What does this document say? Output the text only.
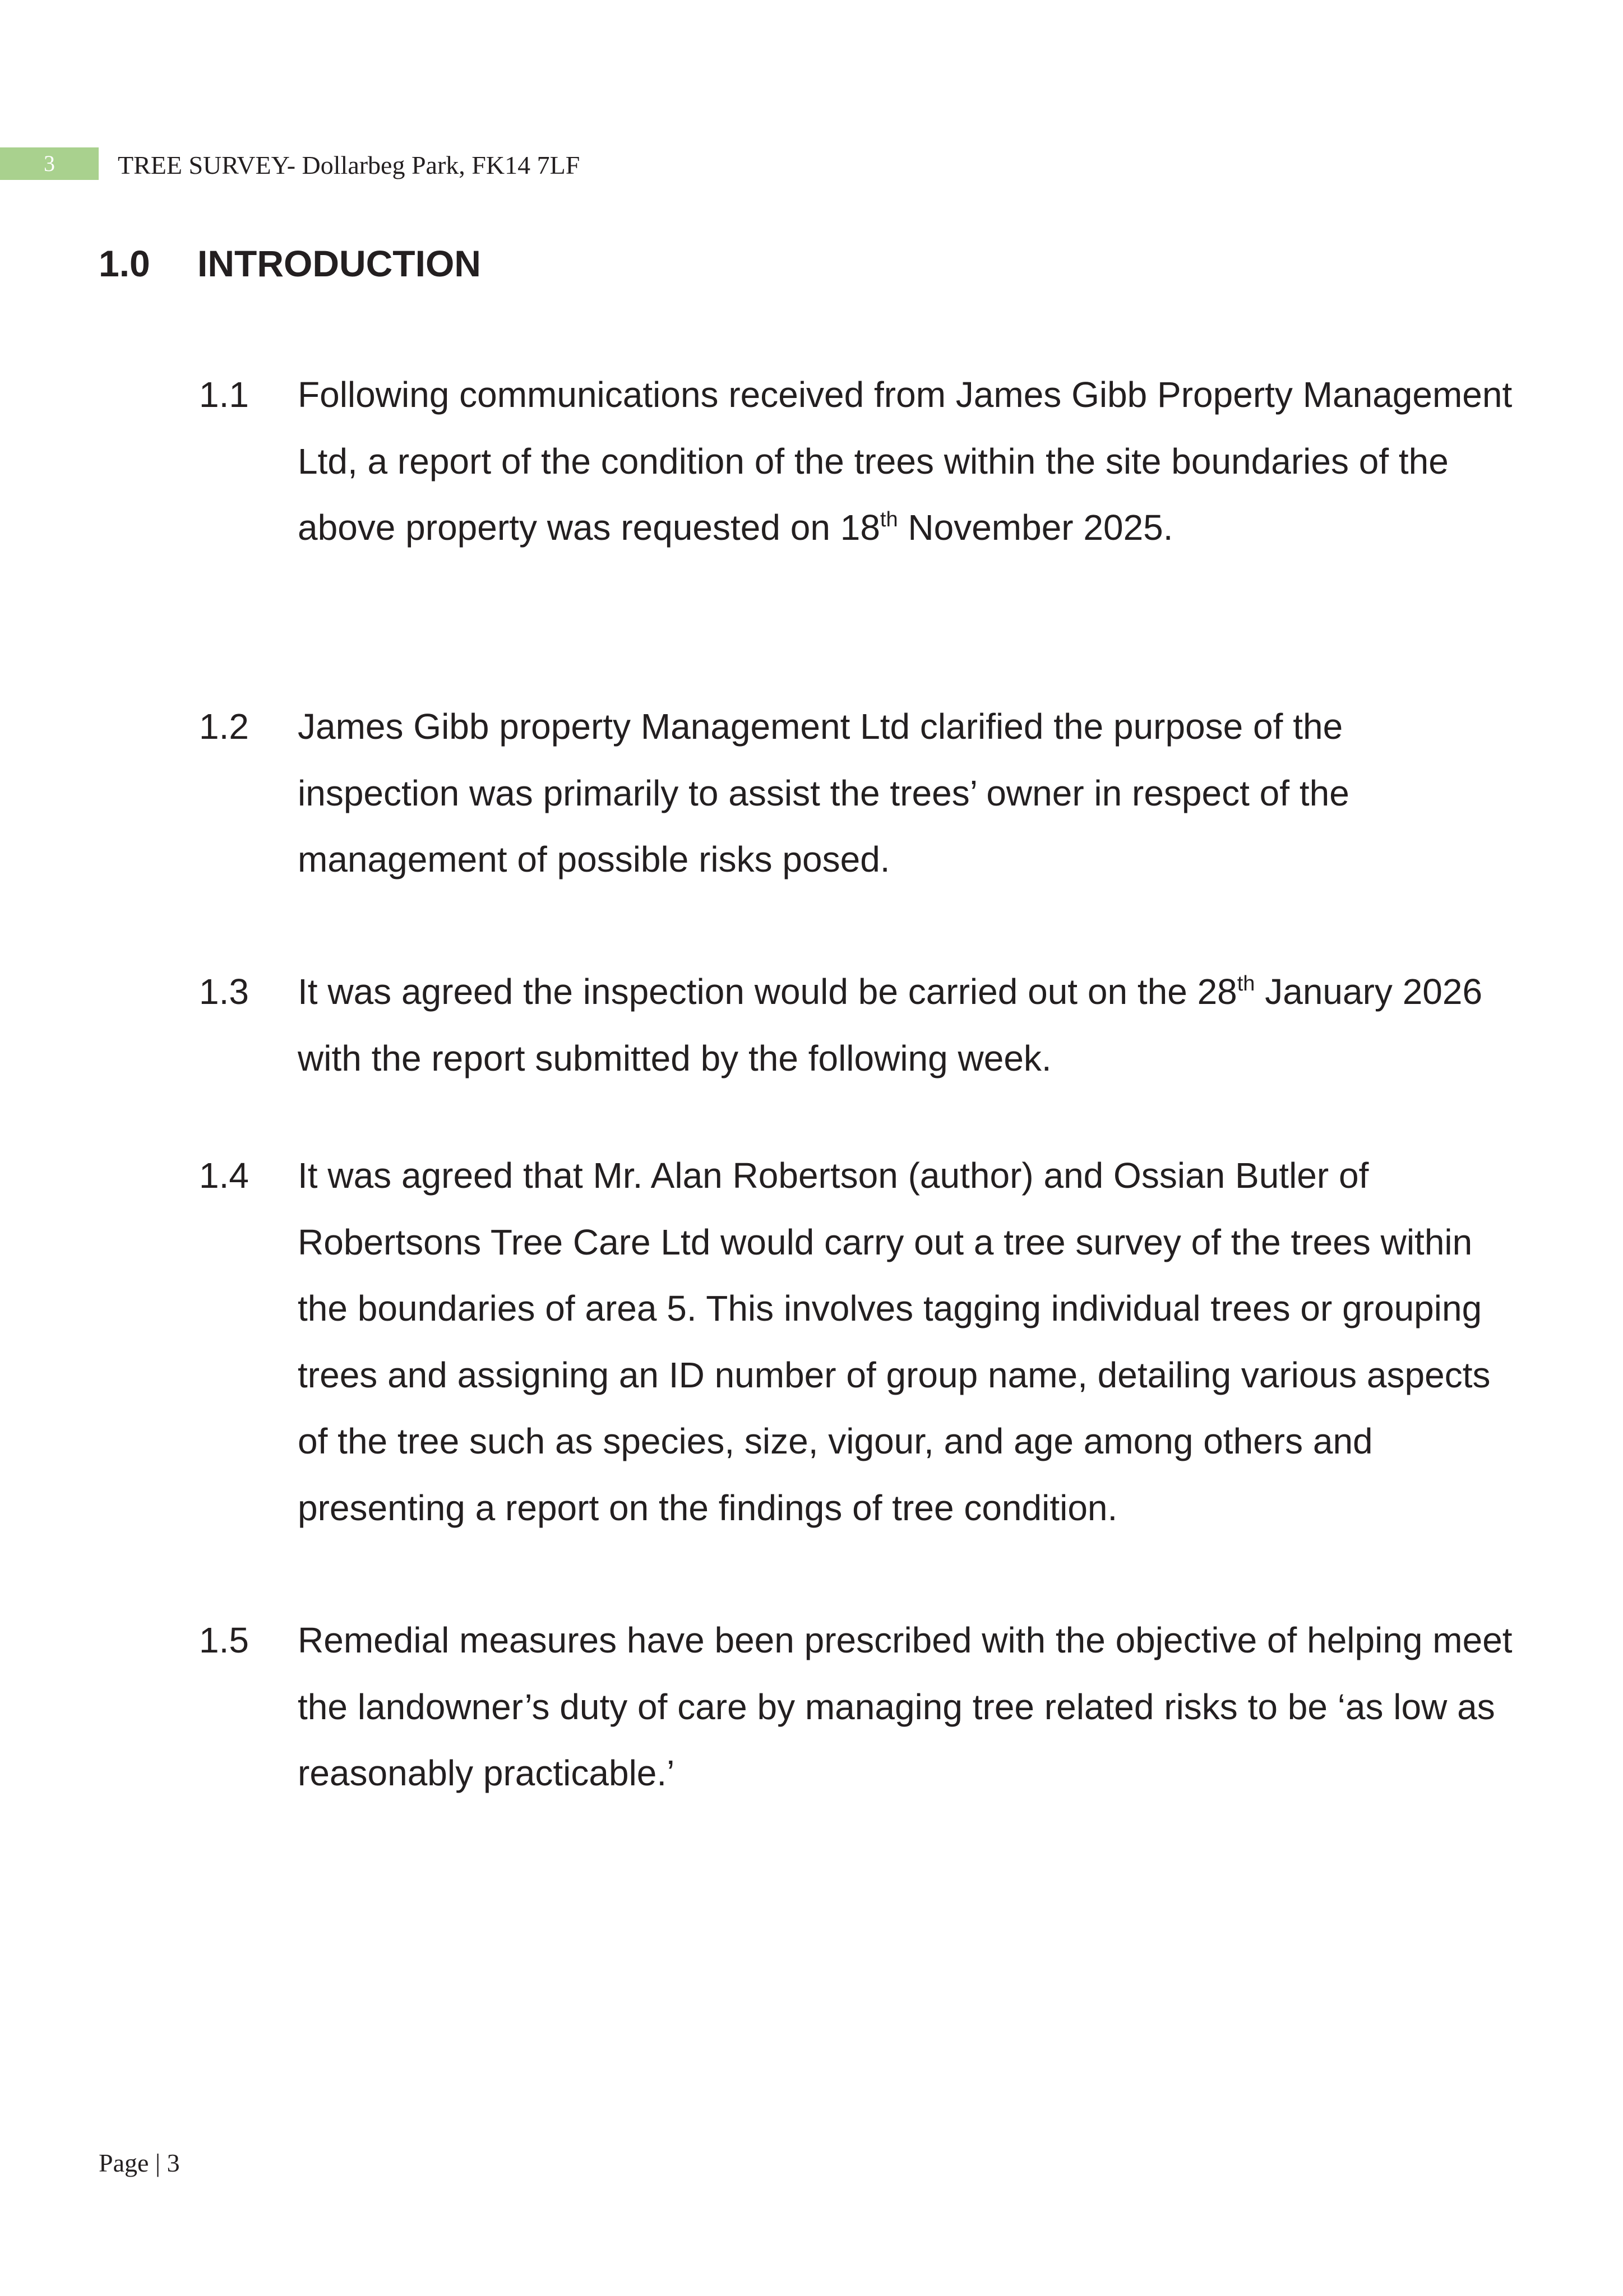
3	TREE SURVEY- Dollarbeg Park, FK14 7LF
1.0 INTRODUCTION
1.1 Following communications received from James Gibb Property Management Ltd, a report of the condition of the trees within the site boundaries of the above property was requested on 18th November 2025.
1.2 James Gibb property Management Ltd clarified the purpose of the inspection was primarily to assist the trees’ owner in respect of the management of possible risks posed.
1.3 It was agreed the inspection would be carried out on the 28th January 2026 with the report submitted by the following week.
1.4 It was agreed that Mr. Alan Robertson (author) and Ossian Butler of Robertsons Tree Care Ltd would carry out a tree survey of the trees within the boundaries of area 5. This involves tagging individual trees or grouping trees and assigning an ID number of group name, detailing various aspects of the tree such as species, size, vigour, and age among others and presenting a report on the findings of tree condition.
1.5 Remedial measures have been prescribed with the objective of helping meet the landowner’s duty of care by managing tree related risks to be ‘as low as reasonably practicable.’
Page | 3
